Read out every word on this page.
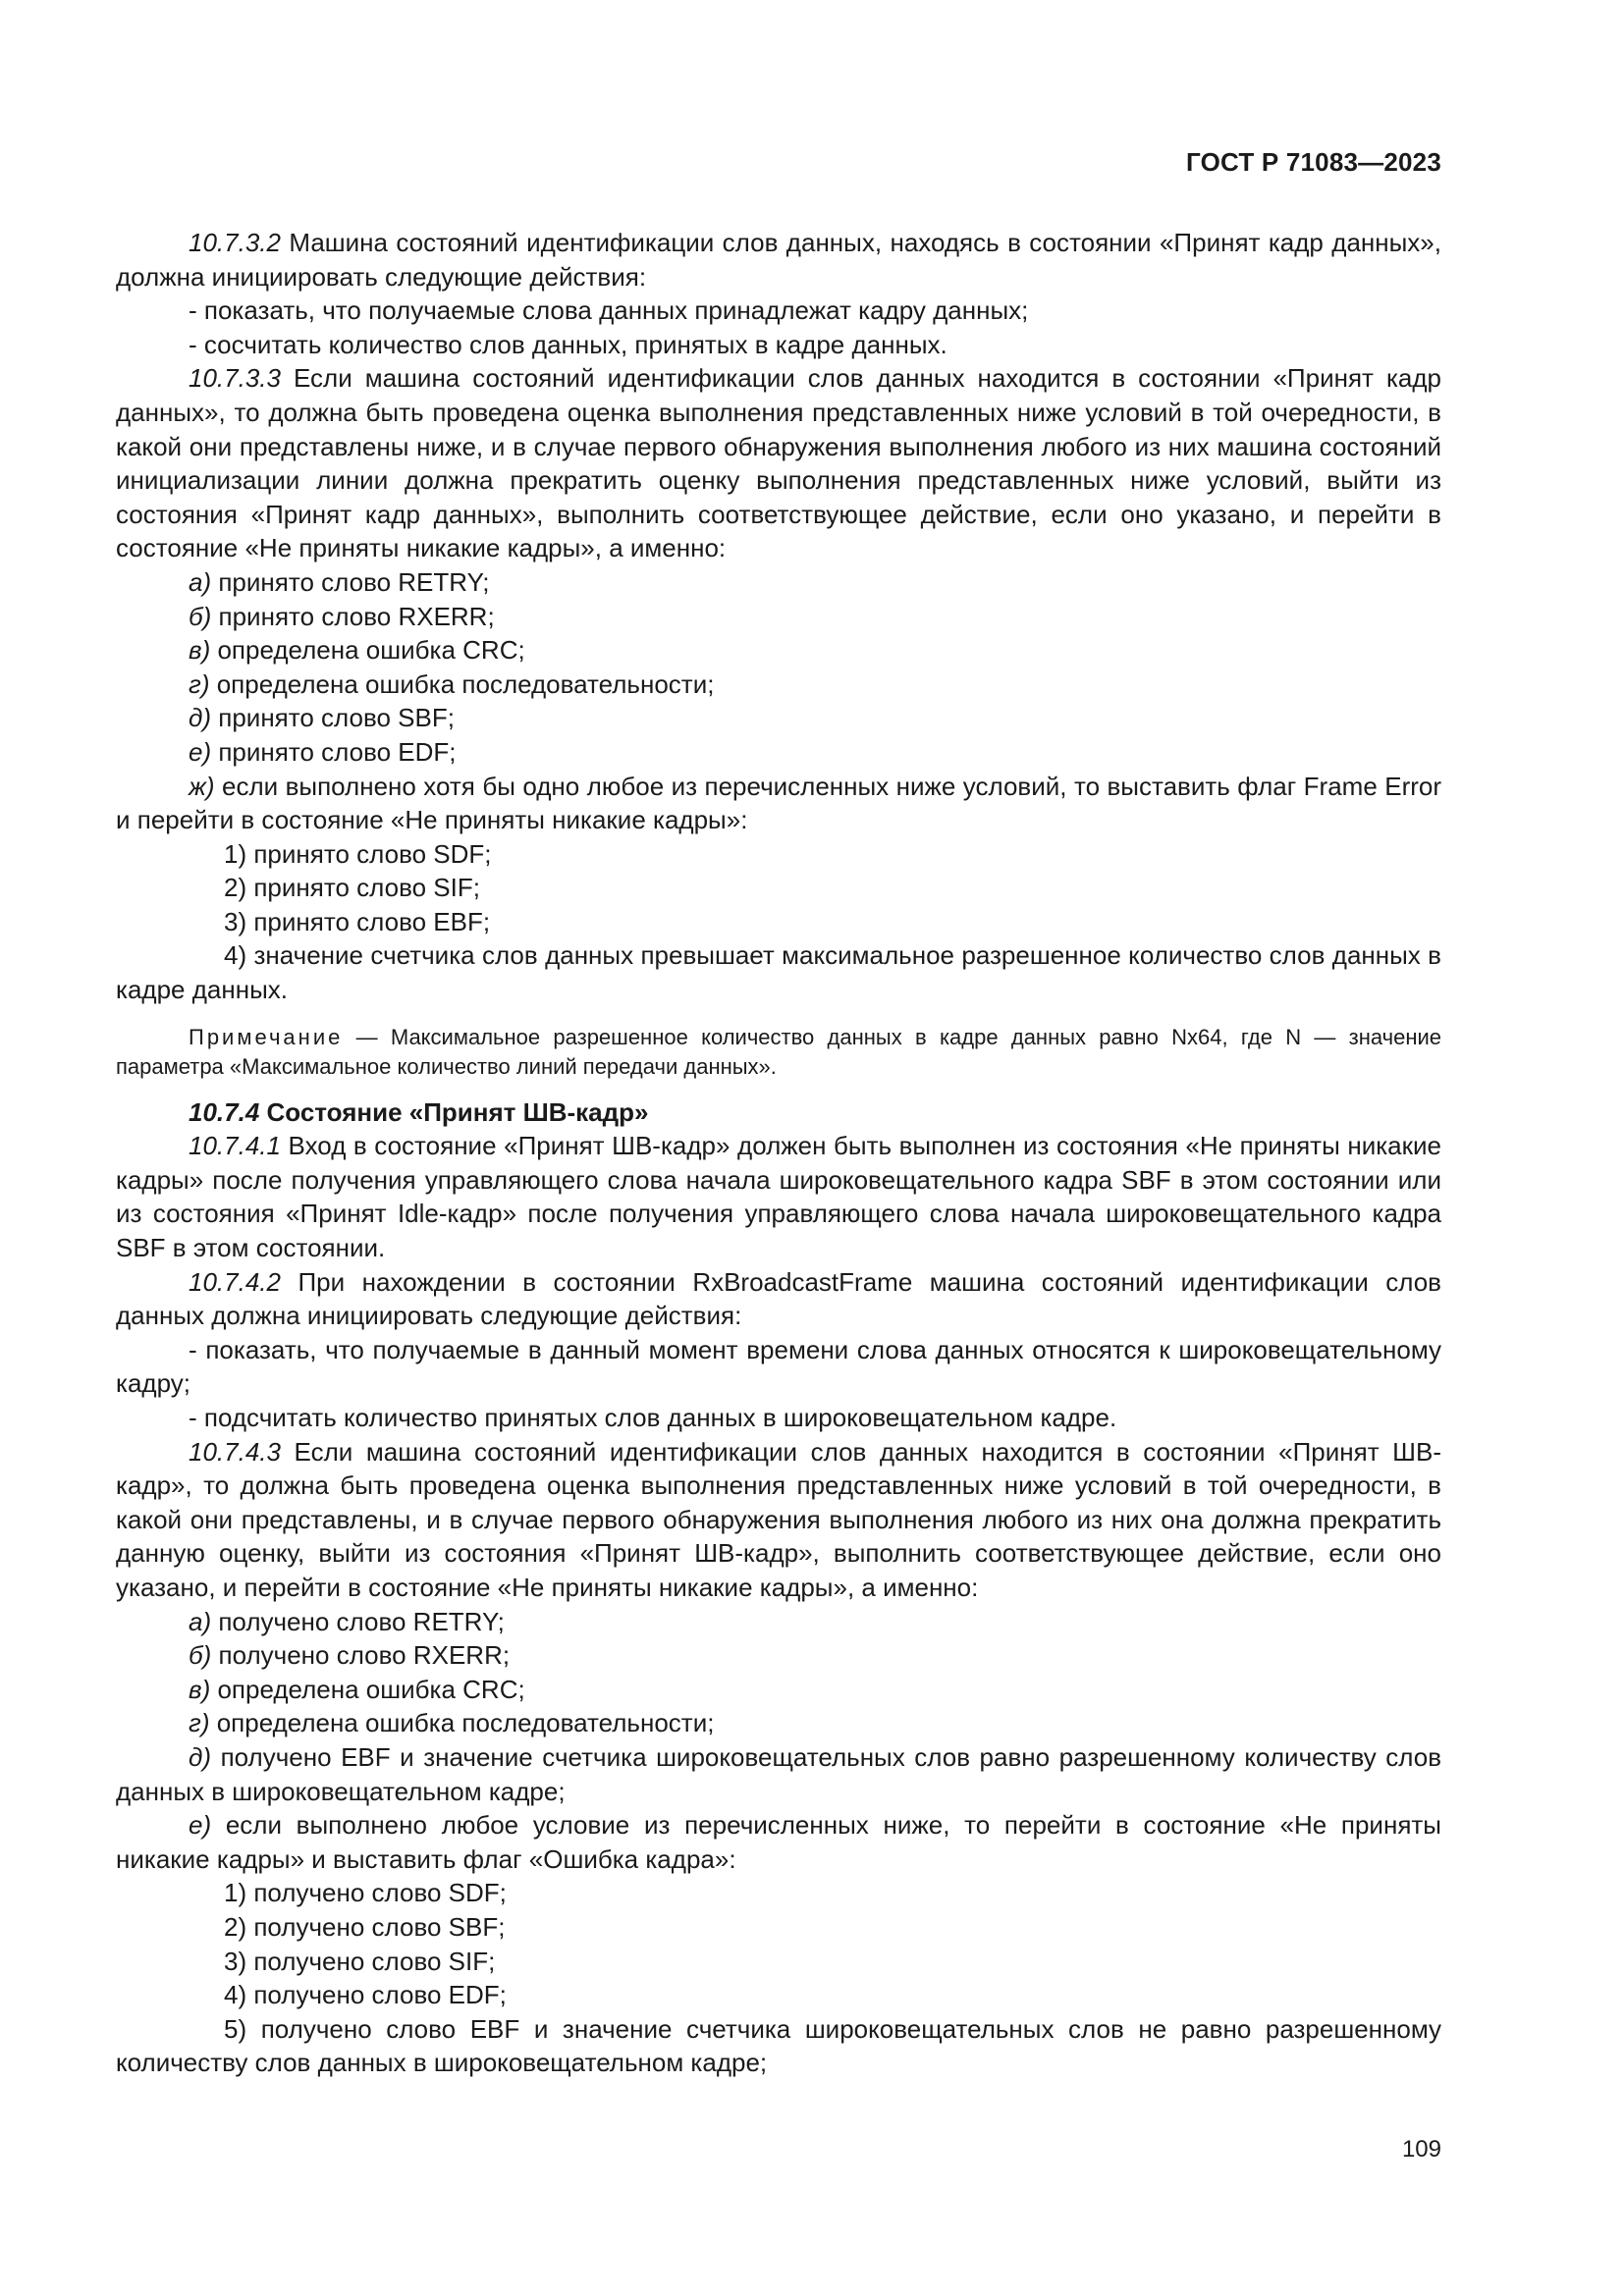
ГОСТ Р 71083—2023

10.7.3.2 Машина состояний идентификации слов данных, находясь в состоянии «Принят кадр данных», должна инициировать следующие действия:

- показать, что получаемые слова данных принадлежат кадру данных;

- сосчитать количество слов данных, принятых в кадре данных.

10.7.3.3 Если машина состояний идентификации слов данных находится в состоянии «Принят кадр данных», то должна быть проведена оценка выполнения представленных ниже условий в той очередности, в какой они представлены ниже, и в случае первого обнаружения выполнения любого из них машина состояний инициализации линии должна прекратить оценку выполнения представленных ниже условий, выйти из состояния «Принят кадр данных», выполнить соответствующее действие, если оно указано, и перейти в состояние «Не приняты никакие кадры», а именно:

а) принято слово RETRY;

б) принято слово RXERR;

в) определена ошибка CRC;

г) определена ошибка последовательности;

д) принято слово SBF;

е) принято слово EDF;

ж) если выполнено хотя бы одно любое из перечисленных ниже условий, то выставить флаг Frame Error и перейти в состояние «Не приняты никакие кадры»:

1) принято слово SDF;

2) принято слово SIF;

3) принято слово EBF;

4) значение счетчика слов данных превышает максимальное разрешенное количество слов данных в кадре данных.

Примечание — Максимальное разрешенное количество данных в кадре данных равно Nx64, где N — значение параметра «Максимальное количество линий передачи данных».

10.7.4 Состояние «Принят ШВ-кадр»

10.7.4.1 Вход в состояние «Принят ШВ-кадр» должен быть выполнен из состояния «Не приняты никакие кадры» после получения управляющего слова начала широковещательного кадра SBF в этом состоянии или из состояния «Принят Idle-кадр» после получения управляющего слова начала широковещательного кадра SBF в этом состоянии.

10.7.4.2 При нахождении в состоянии RxBroadcastFrame машина состояний идентификации слов данных должна инициировать следующие действия:

- показать, что получаемые в данный момент времени слова данных относятся к широковещательному кадру;

- подсчитать количество принятых слов данных в широковещательном кадре.

10.7.4.3 Если машина состояний идентификации слов данных находится в состоянии «Принят ШВ-кадр», то должна быть проведена оценка выполнения представленных ниже условий в той очередности, в какой они представлены, и в случае первого обнаружения выполнения любого из них она должна прекратить данную оценку, выйти из состояния «Принят ШВ-кадр», выполнить соответствующее действие, если оно указано, и перейти в состояние «Не приняты никакие кадры», а именно:

а) получено слово RETRY;

б) получено слово RXERR;

в) определена ошибка CRC;

г) определена ошибка последовательности;

д) получено EBF и значение счетчика широковещательных слов равно разрешенному количеству слов данных в широковещательном кадре;

е) если выполнено любое условие из перечисленных ниже, то перейти в состояние «Не приняты никакие кадры» и выставить флаг «Ошибка кадра»:

1) получено слово SDF;

2) получено слово SBF;

3) получено слово SIF;

4) получено слово EDF;

5) получено слово EBF и значение счетчика широковещательных слов не равно разрешенному количеству слов данных в широковещательном кадре;

109
